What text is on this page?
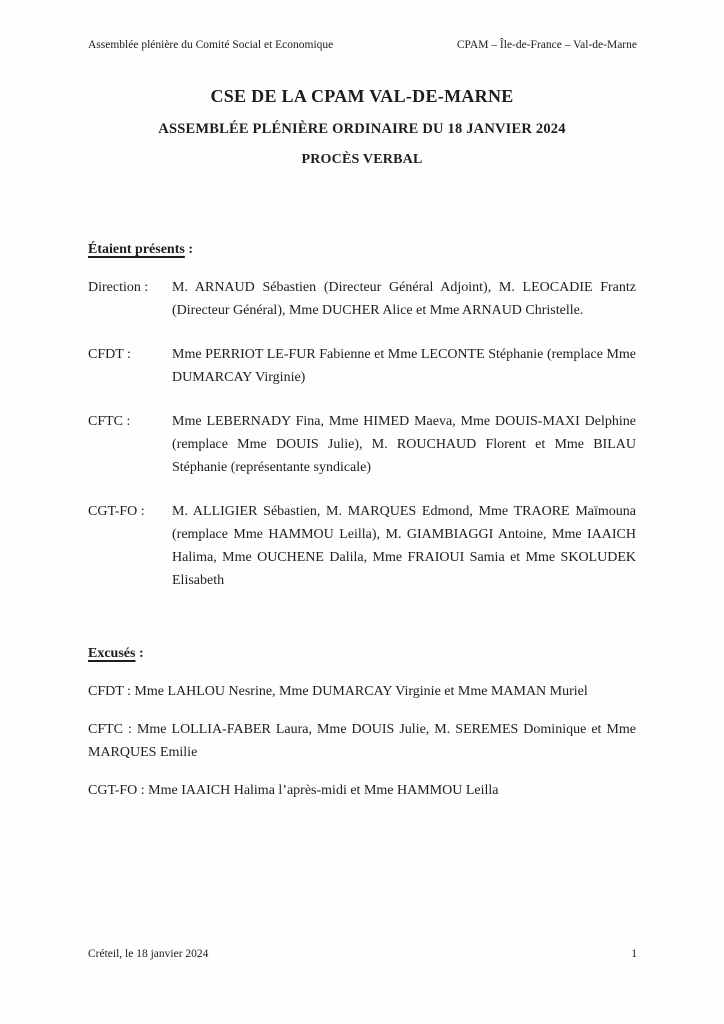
Assemblée plénière du Comité Social et Economique	CPAM – Île-de-France – Val-de-Marne
CSE DE LA CPAM VAL-DE-MARNE
ASSEMBLÉE PLÉNIÈRE ORDINAIRE DU 18 JANVIER 2024
PROCÈS VERBAL
Étaient présents :
Direction :	M. ARNAUD Sébastien (Directeur Général Adjoint), M. LEOCADIE Frantz (Directeur Général), Mme DUCHER Alice et Mme ARNAUD Christelle.
CFDT :	Mme PERRIOT LE-FUR Fabienne et Mme LECONTE Stéphanie (remplace Mme DUMARCAY Virginie)
CFTC :	Mme LEBERNADY Fina, Mme HIMED Maeva, Mme DOUIS-MAXI Delphine (remplace Mme DOUIS Julie), M. ROUCHAUD Florent et Mme BILAU Stéphanie (représentante syndicale)
CGT-FO :	M. ALLIGIER Sébastien, M. MARQUES Edmond, Mme TRAORE Maïmouna (remplace Mme HAMMOU Leilla), M. GIAMBIAGGI Antoine, Mme IAAICH Halima, Mme OUCHENE Dalila, Mme FRAIOUI Samia et Mme SKOLUDEK Elisabeth
Excusés :

CFDT : Mme LAHLOU Nesrine, Mme DUMARCAY Virginie et Mme MAMAN Muriel

CFTC : Mme LOLLIA-FABER Laura, Mme DOUIS Julie, M. SEREMES Dominique et Mme MARQUES Emilie

CGT-FO : Mme IAAICH Halima l’après-midi et Mme HAMMOU Leilla

Créteil, le 18 janvier 2024	1
